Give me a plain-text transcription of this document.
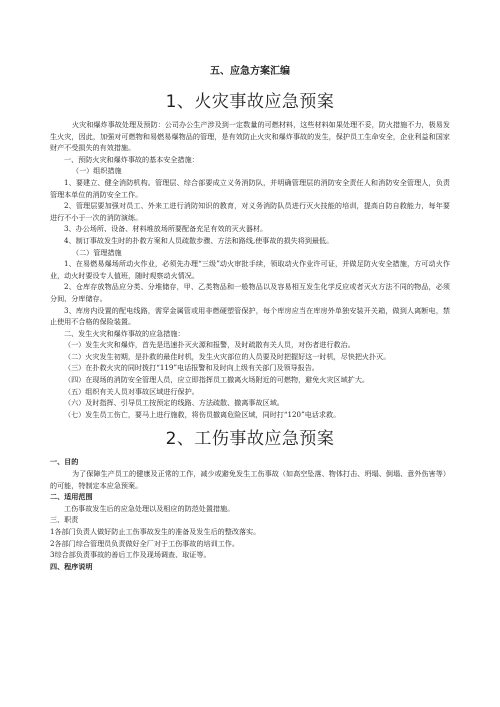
五、应急方案汇编
1、火灾事故应急预案

火灾和爆炸事故处理及预防：公司办公生产涉及到一定数量的可燃材料，这些材料如果处理不妥，防火措施不力，极易发生火灾，因此，加强对可燃物和易燃易爆物品的管理，是有效防止火灾和爆炸事故的发生，保护员工生命安全，企业利益和国家财产不受损失的有效措施。

一、预防火灾和爆炸事故的基本安全措施：

（一）组织措施

1、要建立、健全消防机构。管理层、综合部要成立义务消防队，并明确管理层的消防安全责任人和消防安全管理人，负责管理本单位的消防安全工作。

2、管理层要加强对员工、外来工进行消防知识的教育，对义务消防队员进行灭火技能的培训，提高自防自救能力，每年要进行不小于一次的消防演练。

3、办公场所、设备、材料堆放场所要配备充足有效的灭火器材。

4、制订事故发生时的扑救方案和人员疏散步骤、方法和路线,使事故的损失将到最低。

（二）管理措施

1、在易燃易爆场所动火作业，必须先办理“三级”动火审批手续，领取动火作业许可证，并做足防火安全措施，方可动火作业，动火时要设专人值班，随时观察动火情况。

2、仓库存放物品应分类、分堆储存，甲、乙类物品和一般物品以及容易相互发生化学反应或者灭火方法不同的物品，必须分间、分库储存。

3、库房内设置的配电线路，需穿金属管或用非燃硬塑管保护，每个库房应当在库房外单独安装开关箱，做到人离断电，禁止使用不合格的保险装置。

二、发生火灾和爆炸事故的应急措施：

（一）发生火灾和爆炸，首先是迅速扑灭火源和报警，及时疏散有关人员，对伤者进行救治。

（二）火灾发生初期，是扑救的最佳时机，发生火灾部位的人员要及时把握好这一时机，尽快把火扑灭。

（三）在扑救火灾的同时拨打“119”电话报警和及时向上级有关部门及领导报告。

（四）在现场的消防安全管理人员，应立即指挥员工撤离火场附近的可燃物，避免火灾区域扩大。

（五）组织有关人员对事故区域进行保护。

（六）及时指挥、引导员工按预定的线路、方法疏散、撤离事故区域。

（七）发生员工伤亡，要马上进行施救，将伤员撤离危险区域，同时打“120”电话求救。

2、工伤事故应急预案

一、目的

为了保障生产员工的健康及正常的工作，减少或避免发生工伤事故（如高空坠落、物体打击、坍塌、倒塌、意外伤害等）的可能，特制定本应急预案。

二、适用范围

工伤事故发生后的应急处理以及相应的防范处置措施。

三、职责

1各部门负责人做好防止工伤事故发生的准备及发生后的整改落实。

2各部门综合管理员负责做好全厂对于工伤事故的培训工作。

3综合部负责事故的善后工作及现场调查、取证等。

四、程序说明
